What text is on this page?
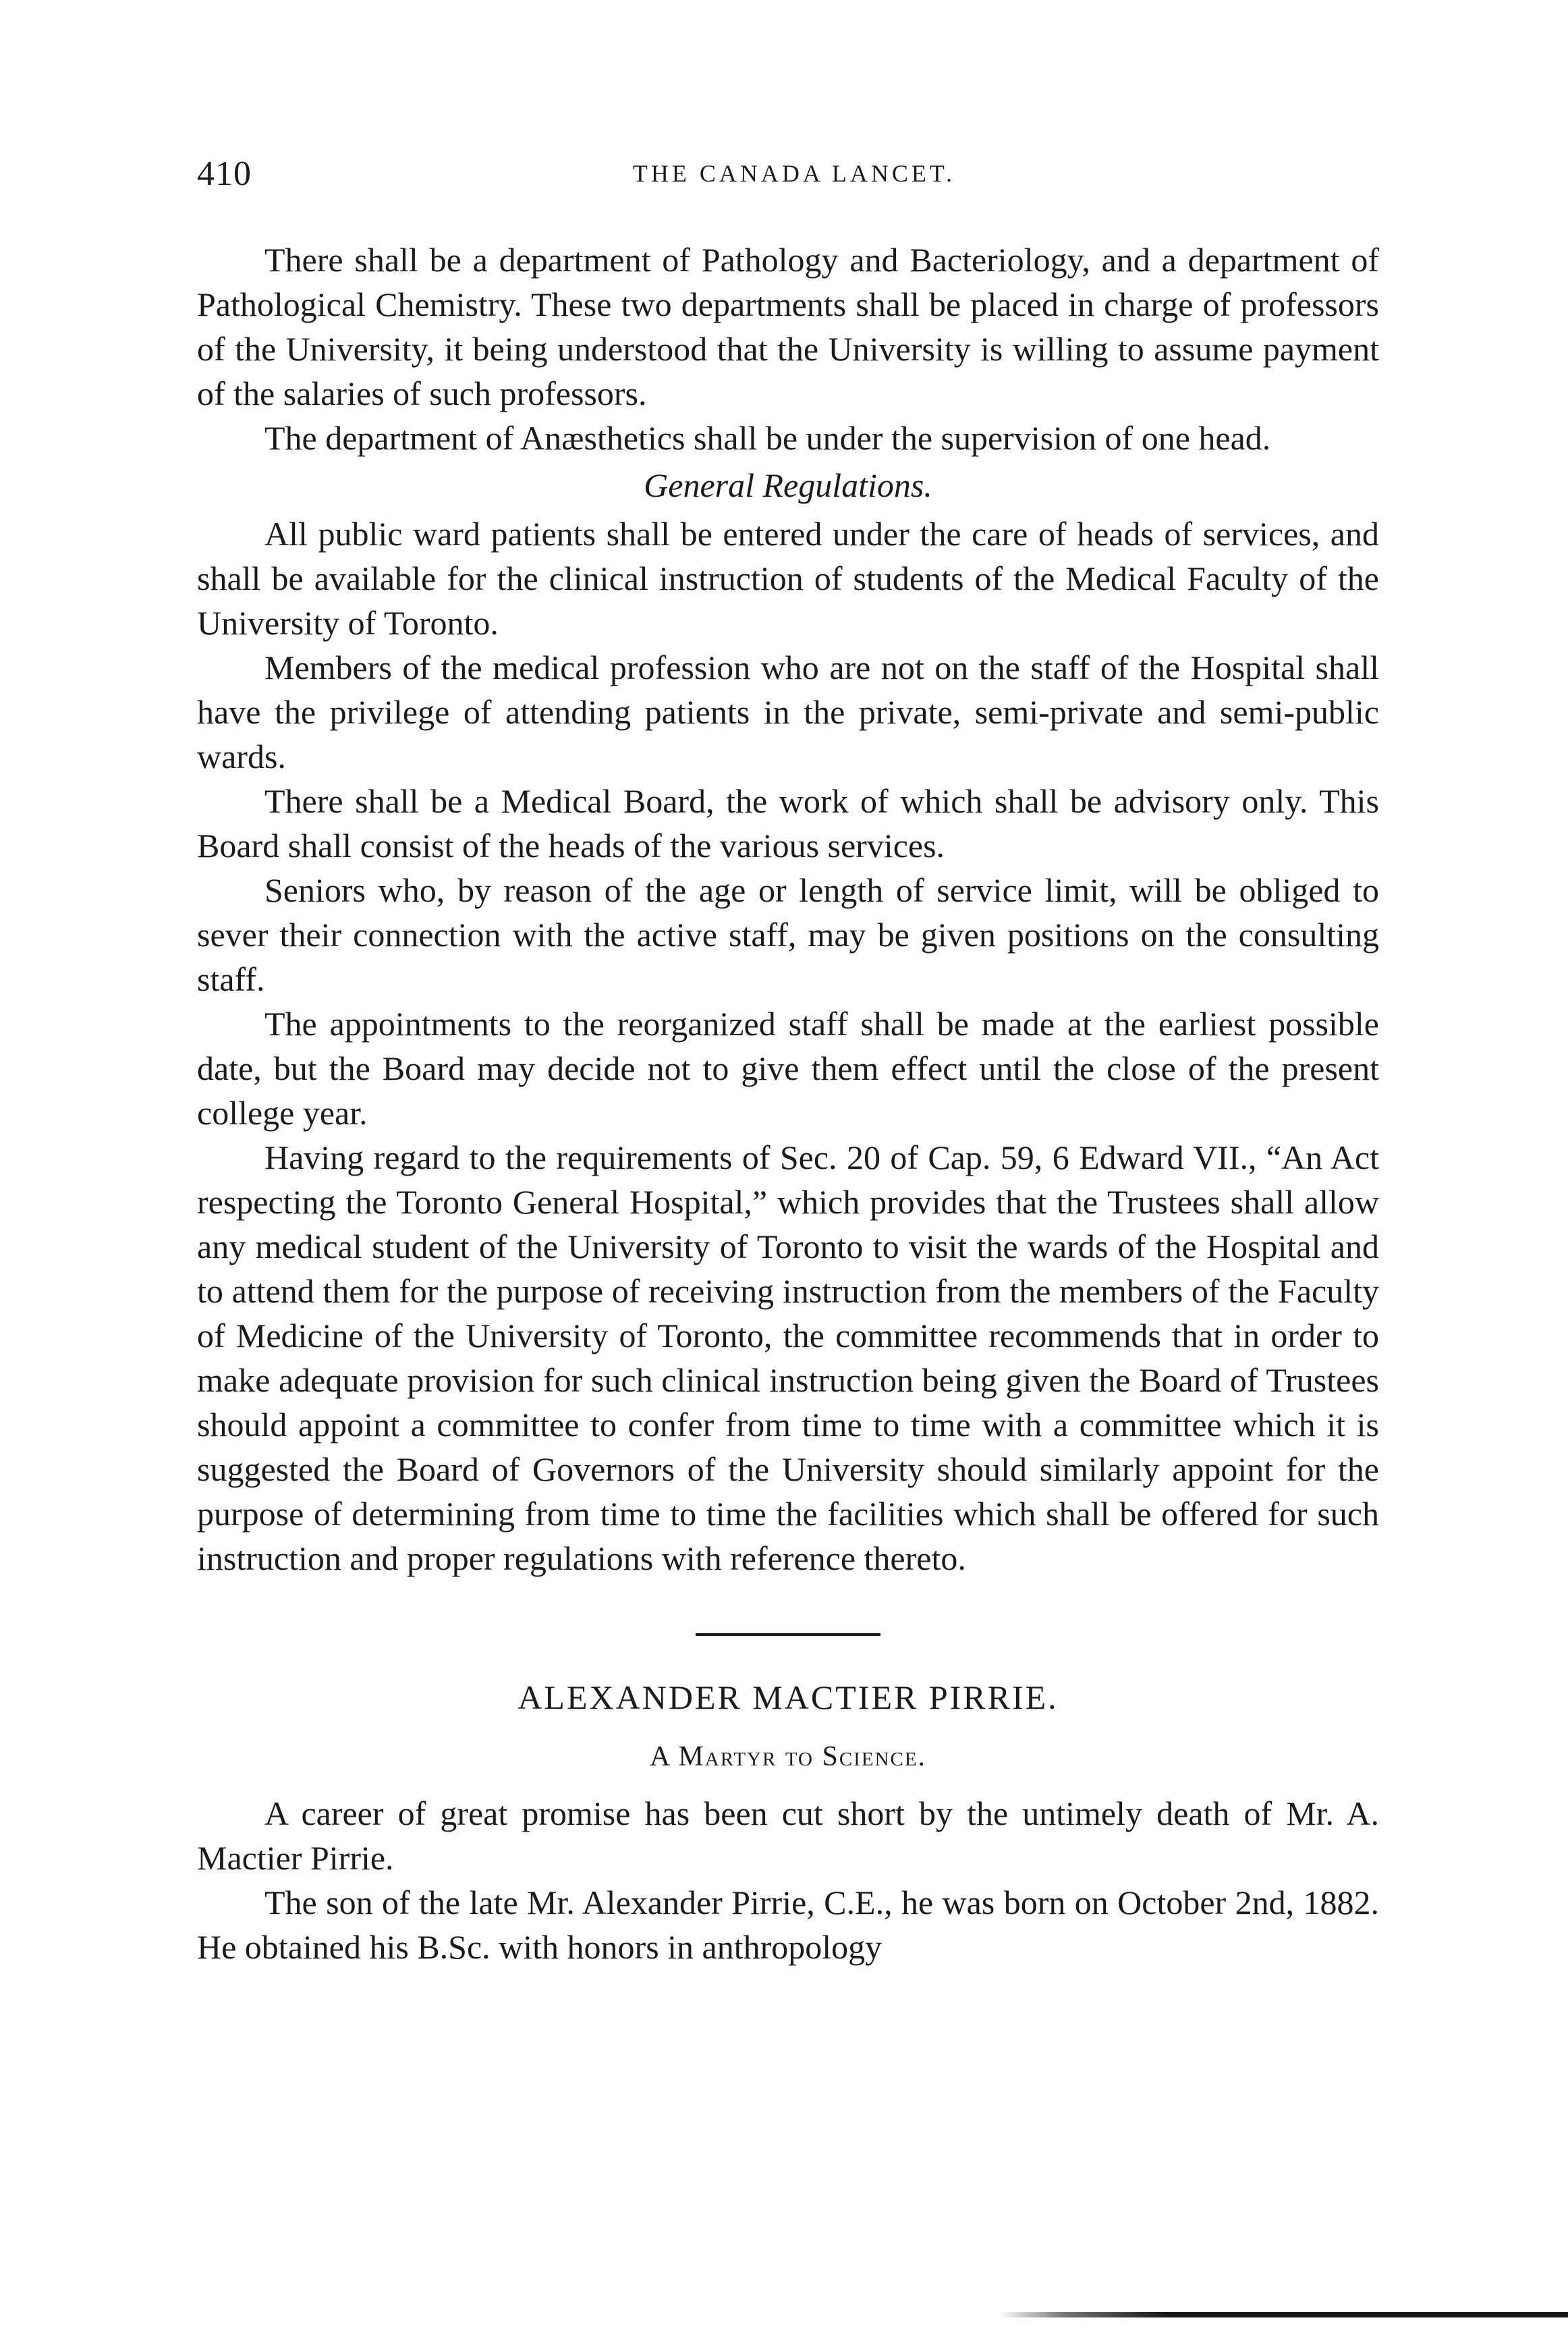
410	THE CANADA LANCET.

There shall be a department of Pathology and Bacteriology, and a department of Pathological Chemistry. These two departments shall be placed in charge of professors of the University, it being understood that the University is willing to assume payment of the salaries of such professors.

The department of Anæsthetics shall be under the supervision of one head.

General Regulations.

All public ward patients shall be entered under the care of heads of services, and shall be available for the clinical instruction of students of the Medical Faculty of the University of Toronto.

Members of the medical profession who are not on the staff of the Hospital shall have the privilege of attending patients in the private, semi-private and semi-public wards.

There shall be a Medical Board, the work of which shall be advisory only. This Board shall consist of the heads of the various services.

Seniors who, by reason of the age or length of service limit, will be obliged to sever their connection with the active staff, may be given positions on the consulting staff.

The appointments to the reorganized staff shall be made at the earliest possible date, but the Board may decide not to give them effect until the close of the present college year.

Having regard to the requirements of Sec. 20 of Cap. 59, 6 Edward VII., “An Act respecting the Toronto General Hospital,” which provides that the Trustees shall allow any medical student of the University of Toronto to visit the wards of the Hospital and to attend them for the purpose of receiving instruction from the members of the Faculty of Medicine of the University of Toronto, the committee recommends that in order to make adequate provision for such clinical instruction being given the Board of Trustees should appoint a committee to confer from time to time with a committee which it is suggested the Board of Governors of the University should similarly appoint for the purpose of determining from time to time the facilities which shall be offered for such instruction and proper regulations with reference thereto.

ALEXANDER MACTIER PIRRIE.
A Martyr to Science.

A career of great promise has been cut short by the untimely death of Mr. A. Mactier Pirrie.

The son of the late Mr. Alexander Pirrie, C.E., he was born on October 2nd, 1882. He obtained his B.Sc. with honors in anthropology
